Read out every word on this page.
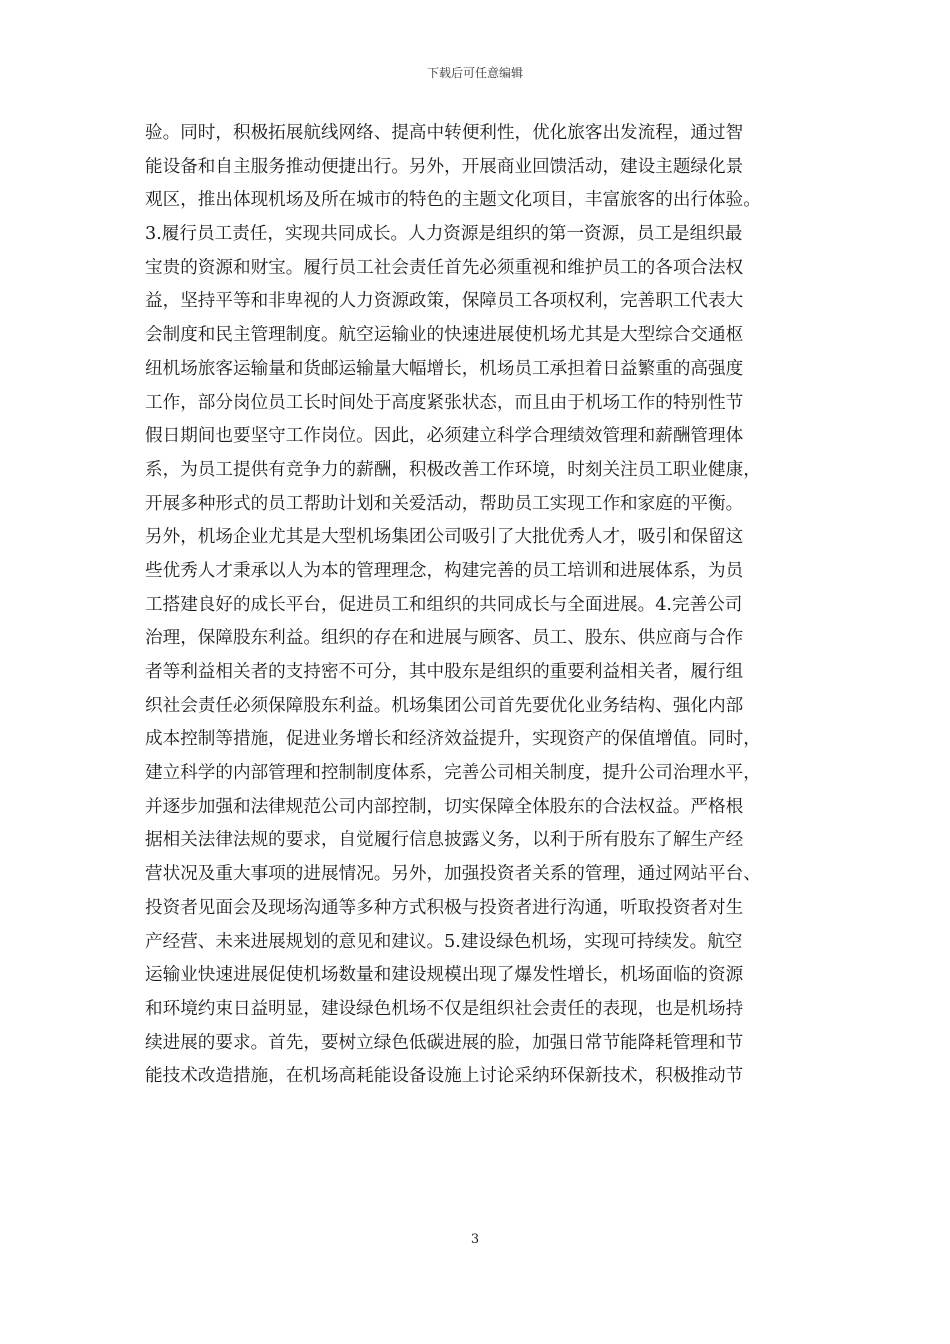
下载后可任意编辑
验。同时，积极拓展航线网络、提高中转便利性，优化旅客出发流程，通过智
能设备和自主服务推动便捷出行。另外，开展商业回馈活动，建设主题绿化景
观区，推出体现机场及所在城市的特色的主题文化项目，丰富旅客的出行体验。
3.履行员工责任，实现共同成长。人力资源是组织的第一资源，员工是组织最
宝贵的资源和财宝。履行员工社会责任首先必须重视和维护员工的各项合法权
益，坚持平等和非卑视的人力资源政策，保障员工各项权利，完善职工代表大
会制度和民主管理制度。航空运输业的快速进展使机场尤其是大型综合交通枢
纽机场旅客运输量和货邮运输量大幅增长，机场员工承担着日益繁重的高强度
工作，部分岗位员工长时间处于高度紧张状态，而且由于机场工作的特别性节
假日期间也要坚守工作岗位。因此，必须建立科学合理绩效管理和薪酬管理体
系，为员工提供有竞争力的薪酬，积极改善工作环境，时刻关注员工职业健康，
开展多种形式的员工帮助计划和关爱活动，帮助员工实现工作和家庭的平衡。
另外，机场企业尤其是大型机场集团公司吸引了大批优秀人才，吸引和保留这
些优秀人才秉承以人为本的管理理念，构建完善的员工培训和进展体系，为员
工搭建良好的成长平台，促进员工和组织的共同成长与全面进展。4.完善公司
治理，保障股东利益。组织的存在和进展与顾客、员工、股东、供应商与合作
者等利益相关者的支持密不可分，其中股东是组织的重要利益相关者，履行组
织社会责任必须保障股东利益。机场集团公司首先要优化业务结构、强化内部
成本控制等措施，促进业务增长和经济效益提升，实现资产的保值增值。同时，
建立科学的内部管理和控制制度体系，完善公司相关制度，提升公司治理水平，
并逐步加强和法律规范公司内部控制，切实保障全体股东的合法权益。严格根
据相关法律法规的要求，自觉履行信息披露义务，以利于所有股东了解生产经
营状况及重大事项的进展情况。另外，加强投资者关系的管理，通过网站平台、
投资者见面会及现场沟通等多种方式积极与投资者进行沟通，听取投资者对生
产经营、未来进展规划的意见和建议。5.建设绿色机场，实现可持续发。航空
运输业快速进展促使机场数量和建设规模出现了爆发性增长，机场面临的资源
和环境约束日益明显，建设绿色机场不仅是组织社会责任的表现，也是机场持
续进展的要求。首先，要树立绿色低碳进展的脸，加强日常节能降耗管理和节
能技术改造措施，在机场高耗能设备设施上讨论采纳环保新技术，积极推动节
3
